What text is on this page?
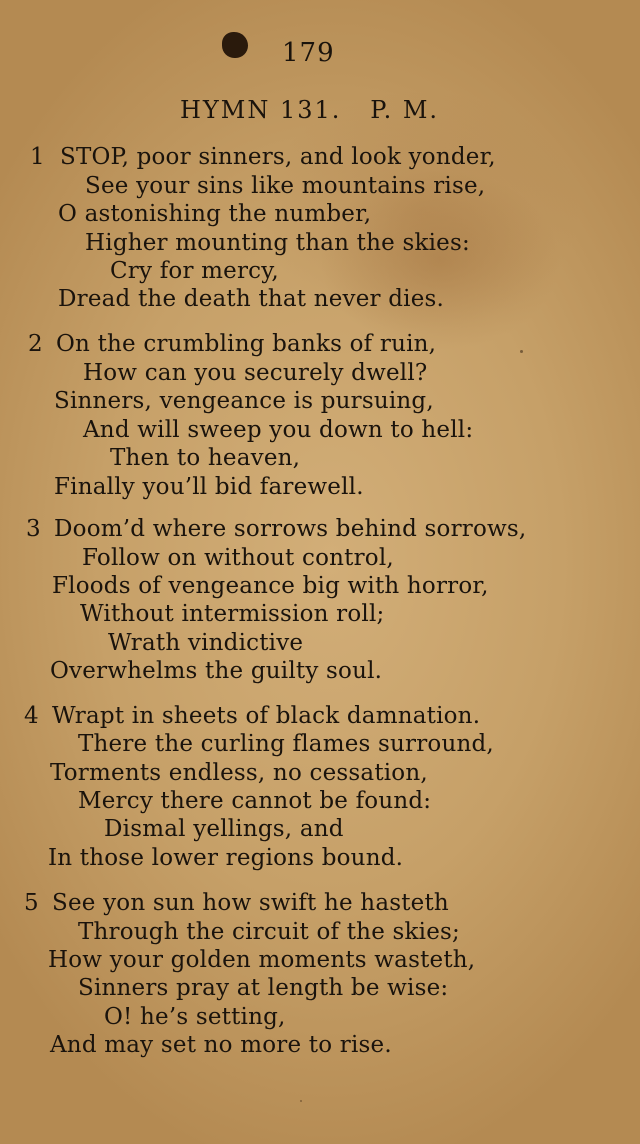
179
HYMN 131.   P. M.
1 STOP, poor sinners, and look yonder,
See your sins like mountains rise,
O astonishing the number,
Higher mounting than the skies:
Cry for mercy,
Dread the death that never dies.
2 On the crumbling banks of ruin,
How can you securely dwell?
Sinners, vengeance is pursuing,
And will sweep you down to hell:
Then to heaven,
Finally you’ll bid farewell.
3 Doom’d where sorrows behind sorrows,
Follow on without control,
Floods of vengeance big with horror,
Without intermission roll;
Wrath vindictive
Overwhelms the guilty soul.
4 Wrapt in sheets of black damnation.
There the curling flames surround,
Torments endless, no cessation,
Mercy there cannot be found:
Dismal yellings, and
In those lower regions bound.
5 See yon sun how swift he hasteth
Through the circuit of the skies;
How your golden moments wasteth,
Sinners pray at length be wise:
O! he’s setting,
And may set no more to rise.
